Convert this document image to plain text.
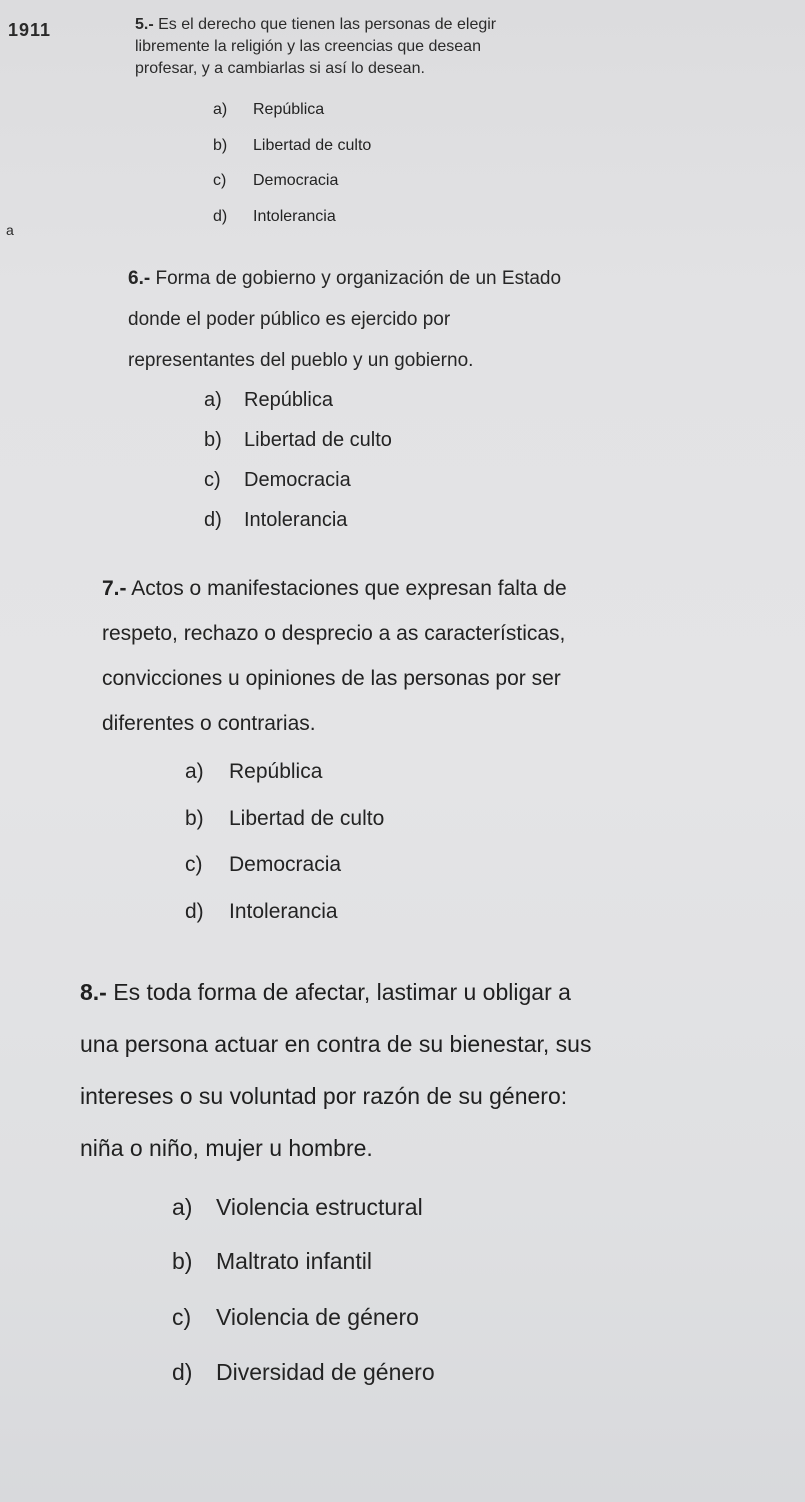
1911
a
5.- Es el derecho que tienen las personas de elegir
libremente la religión y las creencias que desean
profesar, y a cambiarlas si así lo desean.
a) República
b) Libertad de culto
c) Democracia
d) Intolerancia
6.- Forma de gobierno y organización de un Estado
donde el poder público es ejercido por
representantes del pueblo y un gobierno.
a) República
b) Libertad de culto
c) Democracia
d) Intolerancia
7.- Actos o manifestaciones que expresan falta de
respeto, rechazo o desprecio a as características,
convicciones u opiniones de las personas por ser
diferentes o contrarias.
a) República
b) Libertad de culto
c) Democracia
d) Intolerancia
8.- Es toda forma de afectar, lastimar u obligar a
una persona actuar en contra de su bienestar, sus
intereses o su voluntad por razón de su género:
niña o niño, mujer u hombre.
a) Violencia estructural
b) Maltrato infantil
c) Violencia de género
d) Diversidad de género
